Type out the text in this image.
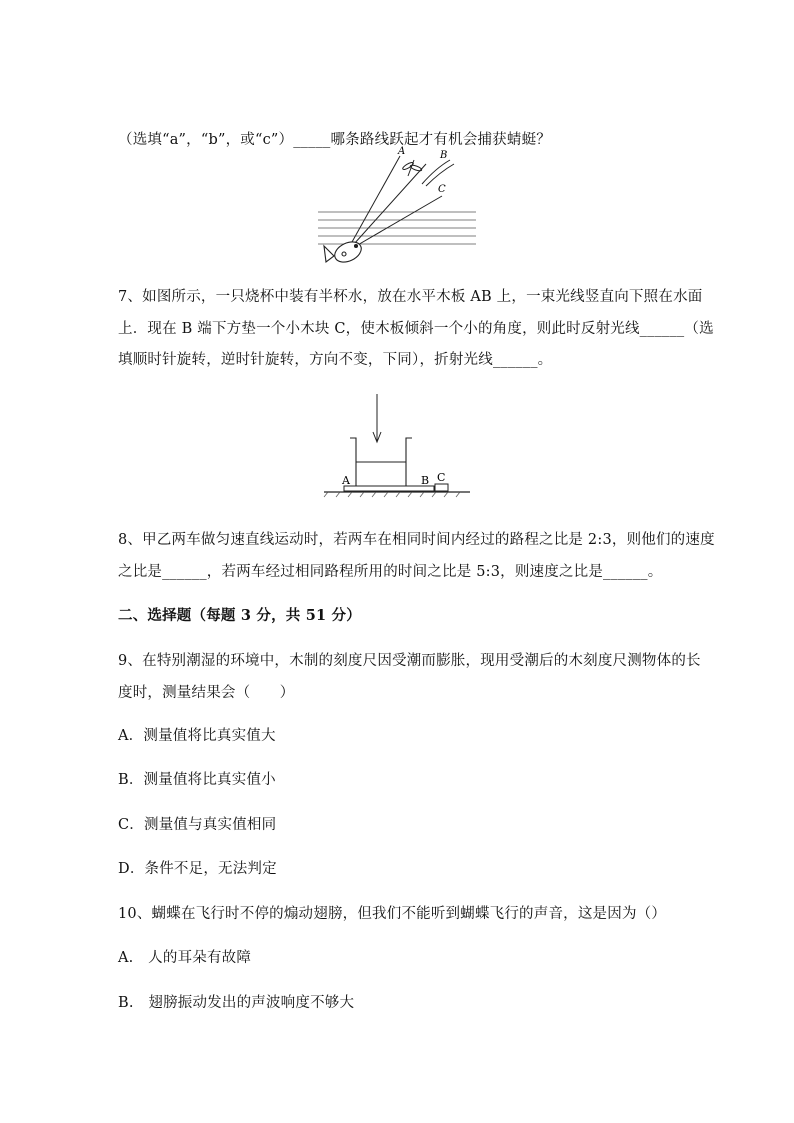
（选填“a”，“b”，或“c”）_____哪条路线跃起才有机会捕获蜻蜓？
A	B
C
7、如图所示，一只烧杯中装有半杯水，放在水平木板 AB 上，一束光线竖直向下照在水面
上．现在 B 端下方垫一个小木块 C，使木板倾斜一个小的角度，则此时反射光线______（选
填顺时针旋转，逆时针旋转，方向不变，下同），折射光线______。
A	B C
8、甲乙两车做匀速直线运动时，若两车在相同时间内经过的路程之比是 2:3，则他们的速度
之比是______，若两车经过相同路程所用的时间之比是 5:3，则速度之比是______。
二、选择题（每题 3 分，共 51 分）
9、在特别潮湿的环境中，木制的刻度尺因受潮而膨胀，现用受潮后的木刻度尺测物体的长
度时，测量结果会（　　）
A．测量值将比真实值大
B．测量值将比真实值小
C．测量值与真实值相同
D．条件不足，无法判定
10、蝴蝶在飞行时不停的煽动翅膀，但我们不能听到蝴蝶飞行的声音，这是因为（）
A.　人的耳朵有故障
B.　翅膀振动发出的声波响度不够大
